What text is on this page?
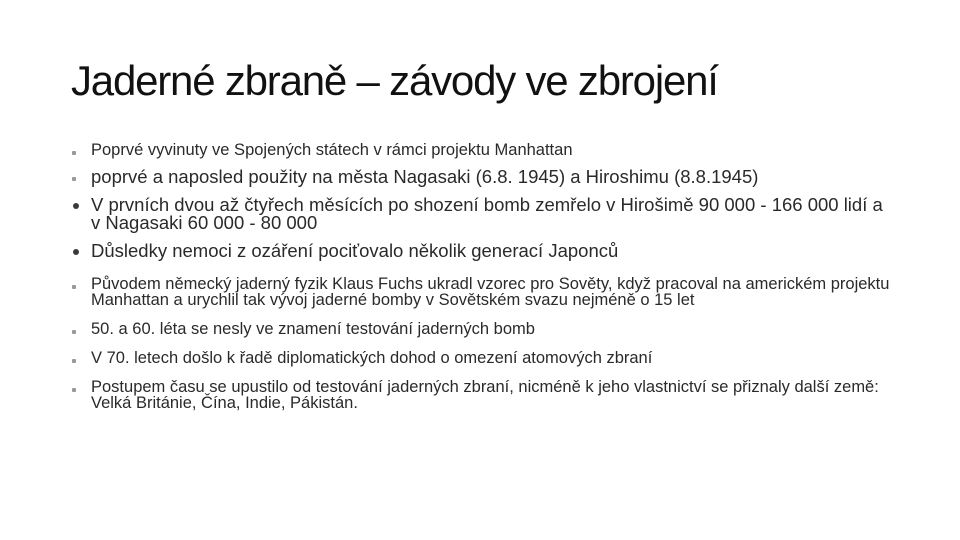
Jaderné zbraně – závody ve zbrojení
Poprvé vyvinuty ve Spojených státech v rámci projektu Manhattan
poprvé a naposled použity na města Nagasaki (6.8. 1945) a Hiroshimu (8.8.1945)
V prvních dvou až čtyřech měsících po shození bomb zemřelo v Hirošimě 90 000 - 166 000 lidí a v Nagasaki 60 000 - 80 000
Důsledky nemoci z ozáření pociťovalo několik generací Japonců
Původem německý jaderný fyzik Klaus Fuchs ukradl vzorec pro Sověty, když pracoval na americkém projektu Manhattan a urychlil tak vývoj jaderné bomby v Sovětském svazu nejméně o 15 let
50. a 60. léta se nesly ve znamení testování jaderných bomb
V 70. letech došlo k řadě diplomatických dohod o omezení atomových zbraní
Postupem času se upustilo od testování jaderných zbraní, nicméně k jeho vlastnictví se přiznaly další země: Velká Británie, Čína, Indie, Pákistán.
